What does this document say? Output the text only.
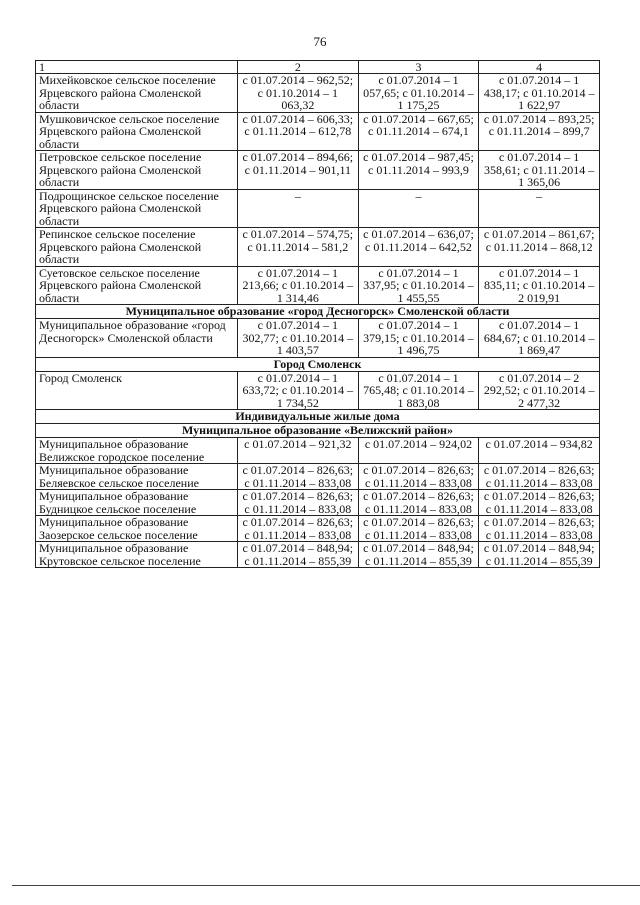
76
1	2	3	4
Михейковское сельское поселение Ярцевского района Смоленской области	с 01.07.2014 – 962,52; с 01.10.2014 – 1 063,32	с 01.07.2014 – 1 057,65; с 01.10.2014 – 1 175,25	с 01.07.2014 – 1 438,17; с 01.10.2014 – 1 622,97
Мушковичское сельское поселение Ярцевского района Смоленской области	с 01.07.2014 – 606,33; с 01.11.2014 – 612,78	с 01.07.2014 – 667,65; с 01.11.2014 – 674,1	с 01.07.2014 – 893,25; с 01.11.2014 – 899,7
Петровское сельское поселение Ярцевского района Смоленской области	с 01.07.2014 – 894,66; с 01.11.2014 – 901,11	с 01.07.2014 – 987,45; с 01.11.2014 – 993,9	с 01.07.2014 – 1 358,61; с 01.11.2014 – 1 365,06
Подрощинское сельское поселение Ярцевского района Смоленской области	–	–	–
Репинское сельское поселение Ярцевского района Смоленской области	с 01.07.2014 – 574,75; с 01.11.2014 – 581,2	с 01.07.2014 – 636,07; с 01.11.2014 – 642,52	с 01.07.2014 – 861,67; с 01.11.2014 – 868,12
Суетовское сельское поселение Ярцевского района Смоленской области	с 01.07.2014 – 1 213,66; с 01.10.2014 – 1 314,46	с 01.07.2014 – 1 337,95; с 01.10.2014 – 1 455,55	с 01.07.2014 – 1 835,11; с 01.10.2014 – 2 019,91
Муниципальное образование «город Десногорск» Смоленской области			
Муниципальное образование «город Десногорск» Смоленской области	с 01.07.2014 – 1 302,77; с 01.10.2014 – 1 403,57	с 01.07.2014 – 1 379,15; с 01.10.2014 – 1 496,75	с 01.07.2014 – 1 684,67; с 01.10.2014 – 1 869,47
Город Смоленск			
Город Смоленск	с 01.07.2014 – 1 633,72; с 01.10.2014 – 1 734,52	с 01.07.2014 – 1 765,48; с 01.10.2014 – 1 883,08	с 01.07.2014 – 2 292,52; с 01.10.2014 – 2 477,32
Индивидуальные жилые дома			
Муниципальное образование «Велижский район»			
Муниципальное образование Велижское городское поселение	с 01.07.2014 – 921,32	с 01.07.2014 – 924,02	с 01.07.2014 – 934,82
Муниципальное образование Беляевское сельское поселение	с 01.07.2014 – 826,63; с 01.11.2014 – 833,08	с 01.07.2014 – 826,63; с 01.11.2014 – 833,08	с 01.07.2014 – 826,63; с 01.11.2014 – 833,08
Муниципальное образование Будницкое сельское поселение	с 01.07.2014 – 826,63; с 01.11.2014 – 833,08	с 01.07.2014 – 826,63; с 01.11.2014 – 833,08	с 01.07.2014 – 826,63; с 01.11.2014 – 833,08
Муниципальное образование Заозерское сельское поселение	с 01.07.2014 – 826,63; с 01.11.2014 – 833,08	с 01.07.2014 – 826,63; с 01.11.2014 – 833,08	с 01.07.2014 – 826,63; с 01.11.2014 – 833,08
Муниципальное образование Крутовское сельское поселение	с 01.07.2014 – 848,94; с 01.11.2014 – 855,39	с 01.07.2014 – 848,94; с 01.11.2014 – 855,39	с 01.07.2014 – 848,94; с 01.11.2014 – 855,39
